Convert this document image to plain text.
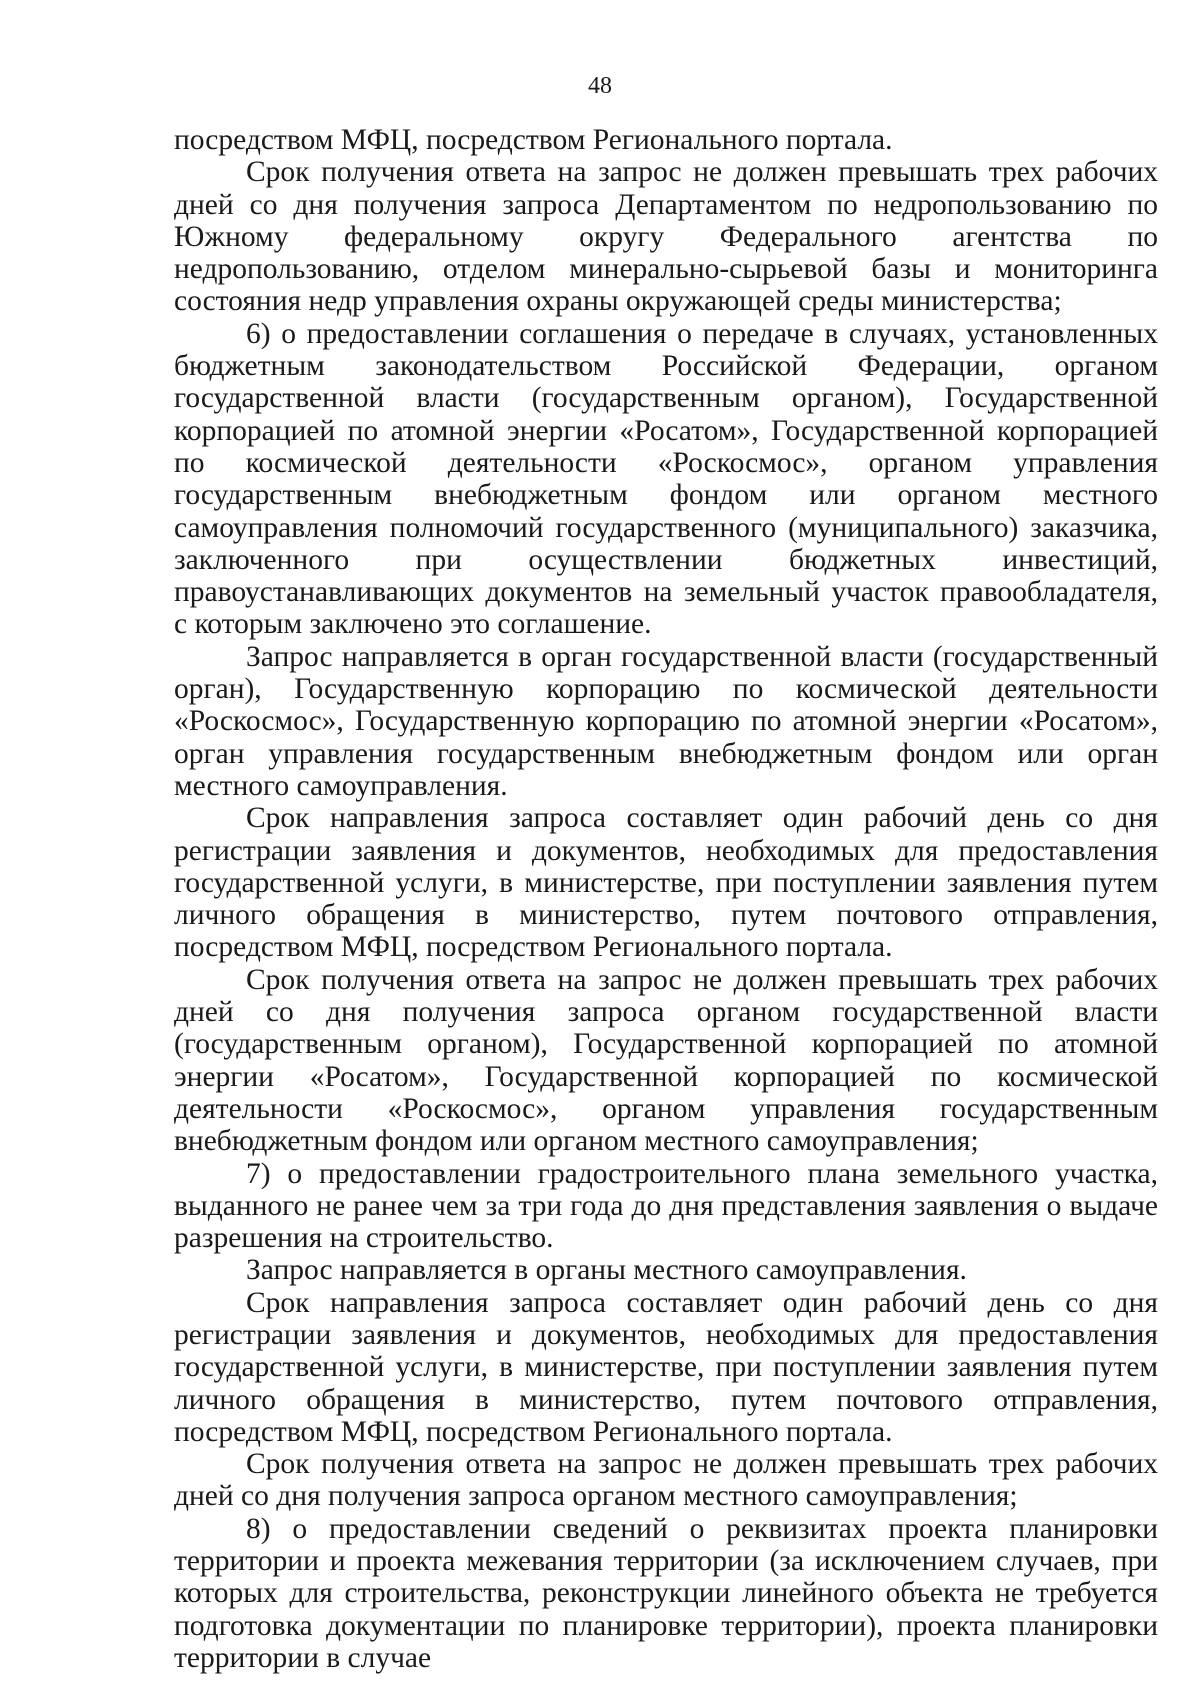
48

посредством МФЦ, посредством Регионального портала.

Срок получения ответа на запрос не должен превышать трех рабочих дней со дня получения запроса Департаментом по недропользованию по Южному федеральному округу Федерального агентства по недропользованию, отделом минерально-сырьевой базы и мониторинга состояния недр управления охраны окружающей среды министерства;

6) о предоставлении соглашения о передаче в случаях, установленных бюджетным законодательством Российской Федерации, органом государственной власти (государственным органом), Государственной корпорацией по атомной энергии «Росатом», Государственной корпорацией по космической деятельности «Роскосмос», органом управления государственным внебюджетным фондом или органом местного самоуправления полномочий государственного (муниципального) заказчика, заключенного при осуществлении бюджетных инвестиций, правоустанавливающих документов на земельный участок правообладателя, с которым заключено это соглашение.

Запрос направляется в орган государственной власти (государственный орган), Государственную корпорацию по космической деятельности «Роскосмос», Государственную корпорацию по атомной энергии «Росатом», орган управления государственным внебюджетным фондом или орган местного самоуправления.

Срок направления запроса составляет один рабочий день со дня регистрации заявления и документов, необходимых для предоставления государственной услуги, в министерстве, при поступлении заявления путем личного обращения в министерство, путем почтового отправления, посредством МФЦ, посредством Регионального портала.

Срок получения ответа на запрос не должен превышать трех рабочих дней со дня получения запроса органом государственной власти (государственным органом), Государственной корпорацией по атомной энергии «Росатом», Государственной корпорацией по космической деятельности «Роскосмос», органом управления государственным внебюджетным фондом или органом местного самоуправления;

7) о предоставлении градостроительного плана земельного участка, выданного не ранее чем за три года до дня представления заявления о выдаче разрешения на строительство.

Запрос направляется в органы местного самоуправления.

Срок направления запроса составляет один рабочий день со дня регистрации заявления и документов, необходимых для предоставления государственной услуги, в министерстве, при поступлении заявления путем личного обращения в министерство, путем почтового отправления, посредством МФЦ, посредством Регионального портала.

Срок получения ответа на запрос не должен превышать трех рабочих дней со дня получения запроса органом местного самоуправления;

8) о предоставлении сведений о реквизитах проекта планировки территории и проекта межевания территории (за исключением случаев, при которых для строительства, реконструкции линейного объекта не требуется подготовка документации по планировке территории), проекта планировки территории в случае
